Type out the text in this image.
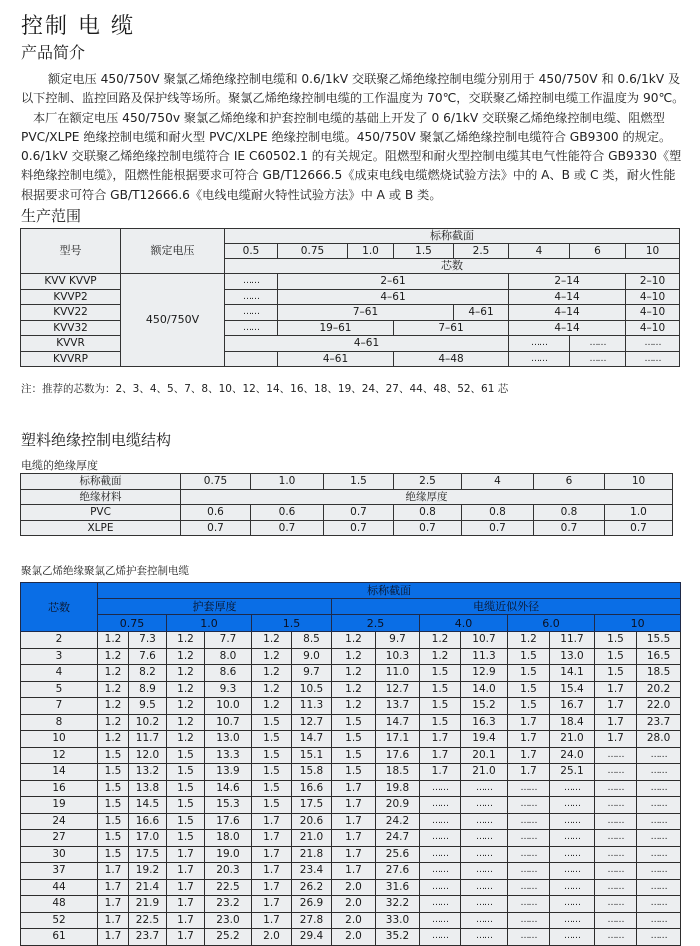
控制 电 缆
产品简介

额定电压 450/750V 聚氯乙烯绝缘控制电缆和 0.6/1kV 交联聚乙烯绝缘控制电缆分别用于 450/750V 和 0.6/1kV 及以下控制、监控回路及保护线等场所。聚氯乙烯绝缘控制电缆的工作温度为 70℃，交联聚乙烯控制电缆工作温度为 90℃。

本厂在额定电压 450/750v 聚氯乙烯绝缘和护套控制电缆的基础上开发了 0 6/1kV 交联聚乙烯绝缘控制电缆、阻燃型 PVC/XLPE 绝缘控制电缆和耐火型 PVC/XLPE 绝缘控制电缆。450/750V 聚氯乙烯绝缘控制电缆符合 GB9300 的规定。0.6/1kV 交联聚乙烯绝缘控制电缆符合 IE C60502.1 的有关规定。阻燃型和耐火型控制电缆其电气性能符合 GB9330《塑料绝缘控制电缆》，阻燃性能根据要求可符合 GB/T12666.5《成束电线电缆燃烧试验方法》中的 A、B 或 C 类，耐火性能根据要求可符合 GB/T12666.6《电线电缆耐火特性试验方法》中 A 或 B 类。

生产范围
型号	额定电压	标称截面							
		0.5	0.75	1.0	1.5	2.5	4	6	10
		芯数							
KVV KVVP	450/750V	……	2–61				2–14		2–10
KVVP2		……	4–61				4–14		4–10
KVV22		……	7–61			4–61	4–14		4–10
KVV32		……	19–61		7–61		4–14		4–10
KVVR		4–61					……	……	……
KVVRP			4–61		4–48		……	……	……
注：推荐的芯数为：2、3、4、5、7、8、10、12、14、16、18、19、24、27、44、48、52、61 芯
塑料绝缘控制电缆结构
电缆的绝缘厚度
标称截面	0.75	1.0	1.5	2.5	4	6	10
绝缘材料	绝缘厚度						
PVC	0.6	0.6	0.7	0.8	0.8	0.8	1.0
XLPE	0.7	0.7	0.7	0.7	0.7	0.7	0.7
聚氯乙烯绝缘聚氯乙烯护套控制电缆
芯数	标称截面													
	护套厚度						电缆近似外径							
	0.75		1.0		1.5		2.5		4.0		6.0		10	
2	1.2	7.3	1.2	7.7	1.2	8.5	1.2	9.7	1.2	10.7	1.2	11.7	1.5	15.5
3	1.2	7.6	1.2	8.0	1.2	9.0	1.2	10.3	1.2	11.3	1.5	13.0	1.5	16.5
4	1.2	8.2	1.2	8.6	1.2	9.7	1.2	11.0	1.5	12.9	1.5	14.1	1.5	18.5
5	1.2	8.9	1.2	9.3	1.2	10.5	1.2	12.7	1.5	14.0	1.5	15.4	1.7	20.2
7	1.2	9.5	1.2	10.0	1.2	11.3	1.2	13.7	1.5	15.2	1.5	16.7	1.7	22.0
8	1.2	10.2	1.2	10.7	1.5	12.7	1.5	14.7	1.5	16.3	1.7	18.4	1.7	23.7
10	1.2	11.7	1.2	13.0	1.5	14.7	1.5	17.1	1.7	19.4	1.7	21.0	1.7	28.0
12	1.5	12.0	1.5	13.3	1.5	15.1	1.5	17.6	1.7	20.1	1.7	24.0	……	……
14	1.5	13.2	1.5	13.9	1.5	15.8	1.5	18.5	1.7	21.0	1.7	25.1	……	……
16	1.5	13.8	1.5	14.6	1.5	16.6	1.7	19.8	……	……	……	……	……	……
19	1.5	14.5	1.5	15.3	1.5	17.5	1.7	20.9	……	……	……	……	……	……
24	1.5	16.6	1.5	17.6	1.7	20.6	1.7	24.2	……	……	……	……	……	……
27	1.5	17.0	1.5	18.0	1.7	21.0	1.7	24.7	……	……	……	……	……	……
30	1.5	17.5	1.7	19.0	1.7	21.8	1.7	25.6	……	……	……	……	……	……
37	1.7	19.2	1.7	20.3	1.7	23.4	1.7	27.6	……	……	……	……	……	……
44	1.7	21.4	1.7	22.5	1.7	26.2	2.0	31.6	……	……	……	……	……	……
48	1.7	21.9	1.7	23.2	1.7	26.9	2.0	32.2	……	……	……	……	……	……
52	1.7	22.5	1.7	23.0	1.7	27.8	2.0	33.0	……	……	……	……	……	……
61	1.7	23.7	1.7	25.2	2.0	29.4	2.0	35.2	……	……	……	……	……	……
